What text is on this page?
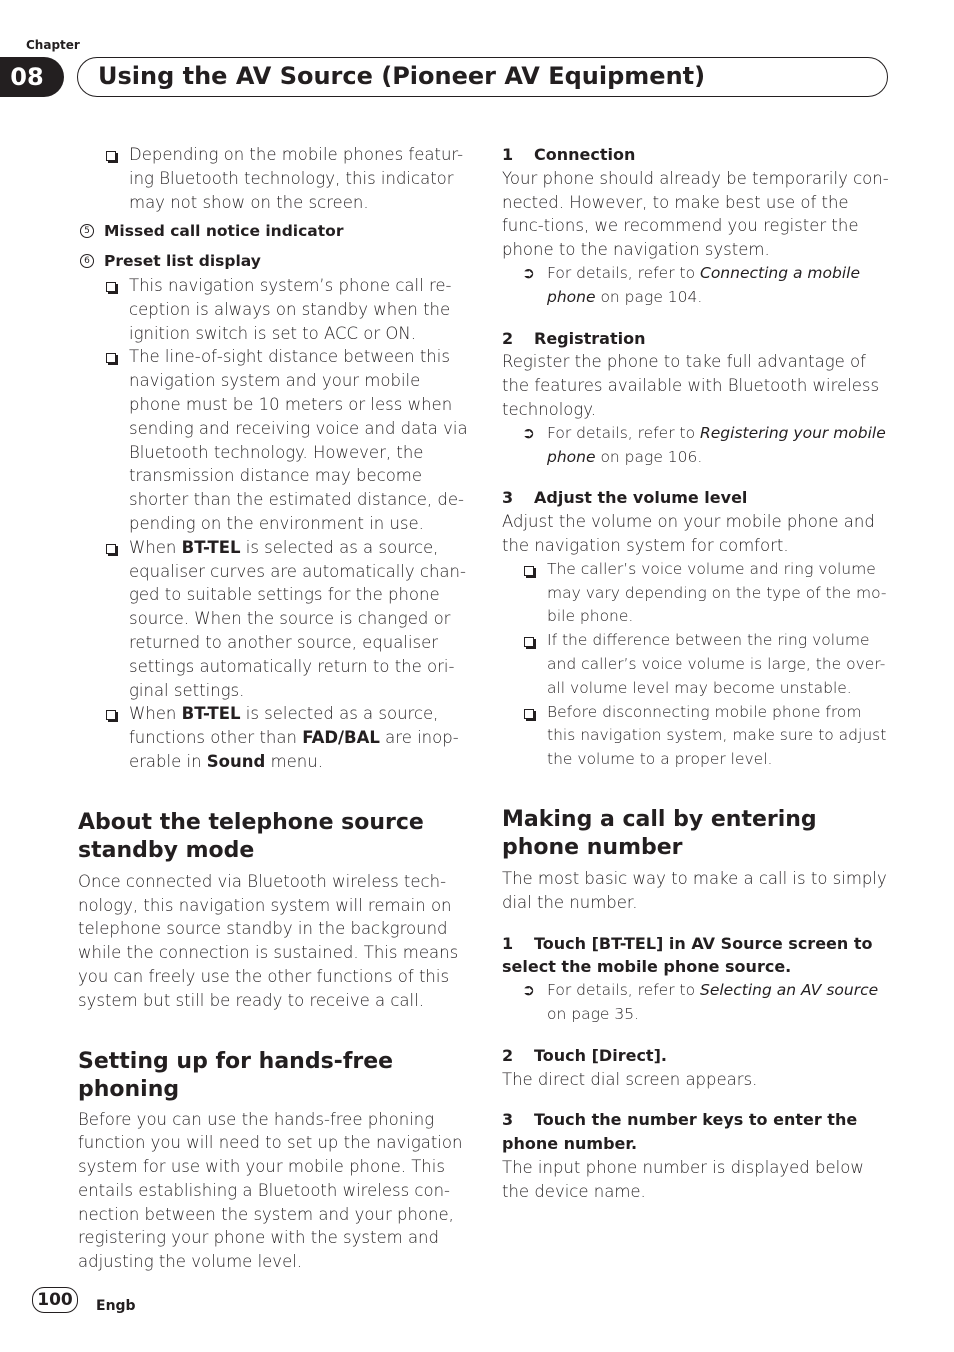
Chapter
08	Using the AV Source (Pioneer AV Equipment)

Depending on the mobile phones featur-ing Bluetooth technology, this indicator may not show on the screen.

5 Missed call notice indicator
6 Preset list display

This navigation system’s phone call re-ception is always on standby when the ignition switch is set to ACC or ON.

The line-of-sight distance between this navigation system and your mobile phone must be 10 meters or less when sending and receiving voice and data via Bluetooth technology. However, the transmission distance may become shorter than the estimated distance, de-pending on the environment in use.

When BT-TEL is selected as a source, equaliser curves are automatically chan-ged to suitable settings for the phone source. When the source is changed or returned to another source, equaliser settings automatically return to the ori-ginal settings.

When BT-TEL is selected as a source, functions other than FAD/BAL are inop-erable in Sound menu.

About the telephone source standby mode

Once connected via Bluetooth wireless tech-nology, this navigation system will remain on telephone source standby in the background while the connection is sustained. This means you can freely use the other functions of this system but still be ready to receive a call.

Setting up for hands-free phoning

Before you can use the hands-free phoning function you will need to set up the navigation system for use with your mobile phone. This entails establishing a Bluetooth wireless con-nection between the system and your phone, registering your phone with the system and adjusting the volume level.

1 Connection

Your phone should already be temporarily con-nected. However, to make best use of the func-tions, we recommend you register the phone to the navigation system.

➲ For details, refer to Connecting a mobile phone on page 104.
2 Registration

Register the phone to take full advantage of the features available with Bluetooth wireless technology.

➲ For details, refer to Registering your mobile phone on page 106.
3 Adjust the volume level

Adjust the volume on your mobile phone and the navigation system for comfort.

The caller’s voice volume and ring volume may vary depending on the type of the mo-bile phone.

If the difference between the ring volume and caller’s voice volume is large, the over-all volume level may become unstable.

Before disconnecting mobile phone from this navigation system, make sure to adjust the volume to a proper level.

Making a call by entering phone number

The most basic way to make a call is to simply dial the number.

1 Touch [BT-TEL] in AV Source screen to select the mobile phone source.
➲ For details, refer to Selecting an AV source on page 35.
2 Touch [Direct].

The direct dial screen appears.

3 Touch the number keys to enter the phone number.

The input phone number is displayed below the device name.

100	Engb
